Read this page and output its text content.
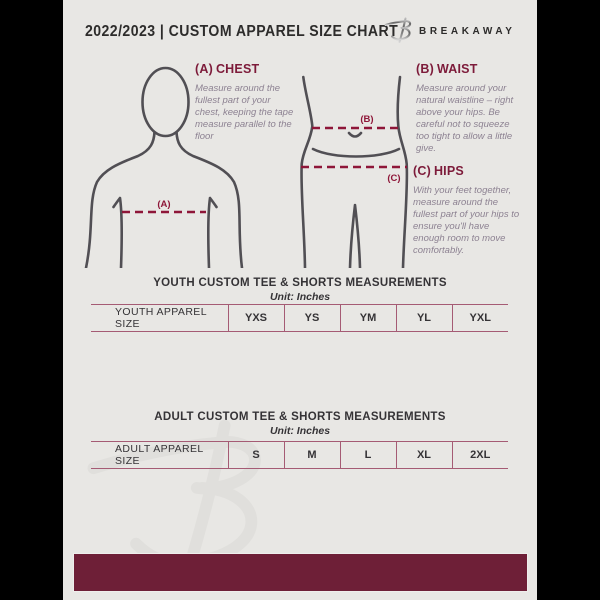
2022/2023 | CUSTOM APPAREL SIZE CHART BREAKAWAY
(A)
(B)
(C)
(A) CHEST
Measure around the fullest part of your chest, keeping the tape measure parallel to the floor
(B) WAIST
Measure around your natural waistline – right above your hips. Be careful not to squeeze too tight to allow a little give.
(C) HIPS
With your feet together, measure around the fullest part of your hips to ensure you'll have enough room to move comfortably.
YOUTH CUSTOM TEE & SHORTS MEASUREMENTS
Unit: Inches
YOUTH APPAREL SIZE	YXS	YS	YM	YL	YXL
ADULT CUSTOM TEE & SHORTS MEASUREMENTS
Unit: Inches
ADULT APPAREL SIZE	S	M	L	XL	2XL
